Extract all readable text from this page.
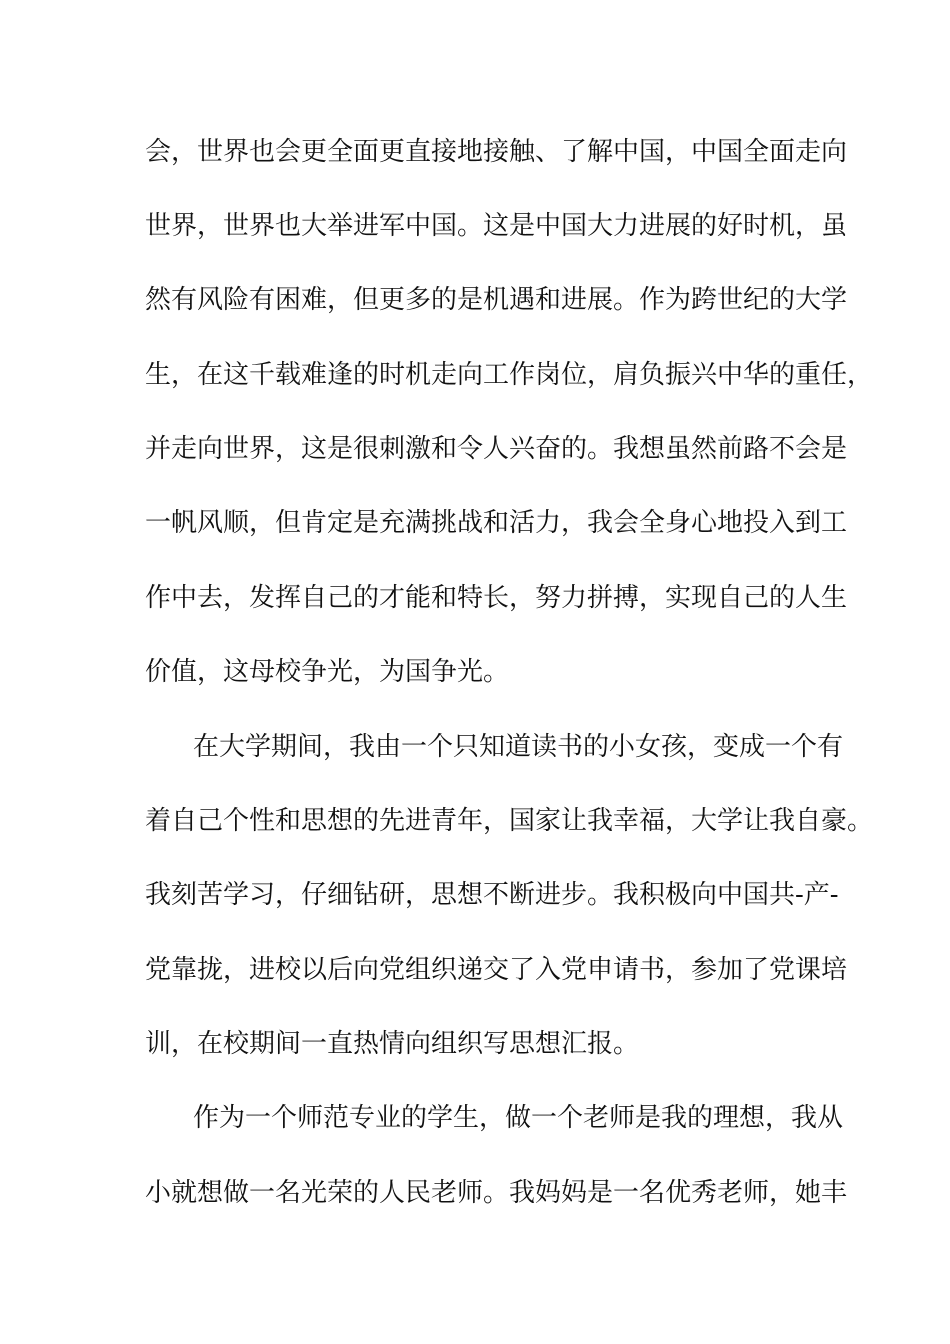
会，世界也会更全面更直接地接触、了解中国，中国全面走向
世界，世界也大举进军中国。这是中国大力进展的好时机，虽
然有风险有困难，但更多的是机遇和进展。作为跨世纪的大学
生，在这千载难逢的时机走向工作岗位，肩负振兴中华的重任，
并走向世界，这是很刺激和令人兴奋的。我想虽然前路不会是
一帆风顺，但肯定是充满挑战和活力，我会全身心地投入到工
作中去，发挥自己的才能和特长，努力拼搏，实现自己的人生
价值，这母校争光，为国争光。
在大学期间，我由一个只知道读书的小女孩，变成一个有
着自己个性和思想的先进青年，国家让我幸福，大学让我自豪。
我刻苦学习，仔细钻研，思想不断进步。我积极向中国共-产-
党靠拢，进校以后向党组织递交了入党申请书，参加了党课培
训，在校期间一直热情向组织写思想汇报。
作为一个师范专业的学生，做一个老师是我的理想，我从
小就想做一名光荣的人民老师。我妈妈是一名优秀老师，她丰
